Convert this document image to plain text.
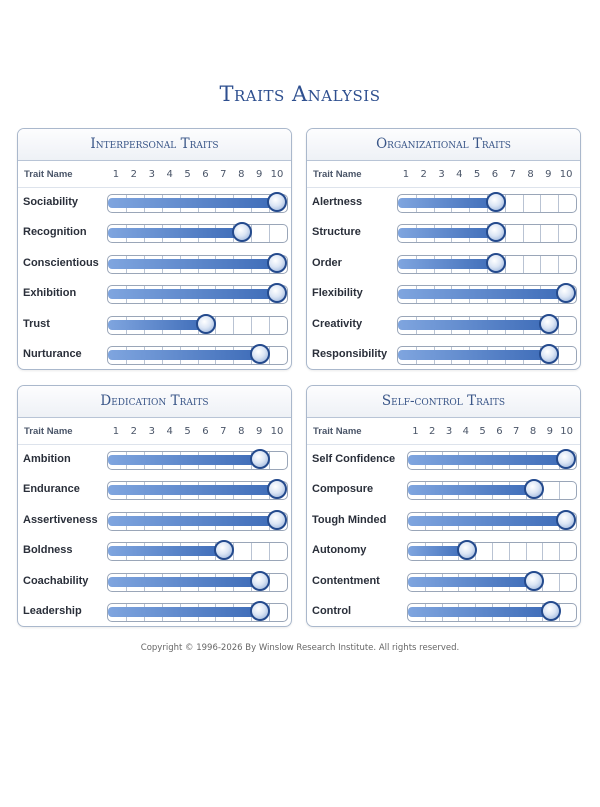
Traits Analysis
Interpersonal Traits
Trait Name	1	2	3	4	5	6	7	8	9 10
Sociability
Recognition
Conscientious
Exhibition
Trust
Nurturance
Organizational Traits
Trait Name	1	2	3	4	5	6	7	8	9 10
Alertness
Structure
Order
Flexibility
Creativity
Responsibility
Dedication Traits
Trait Name	1	2	3	4	5	6	7	8	9 10
Ambition
Endurance
Assertiveness
Boldness
Coachability
Leadership
Self-control Traits
Trait Name	1	2	3	4	5	6	7	8	9 10
Self Confidence
Composure
Tough Minded
Autonomy
Contentment
Control
Copyright © 1996-2026 By Winslow Research Institute. All rights reserved.
